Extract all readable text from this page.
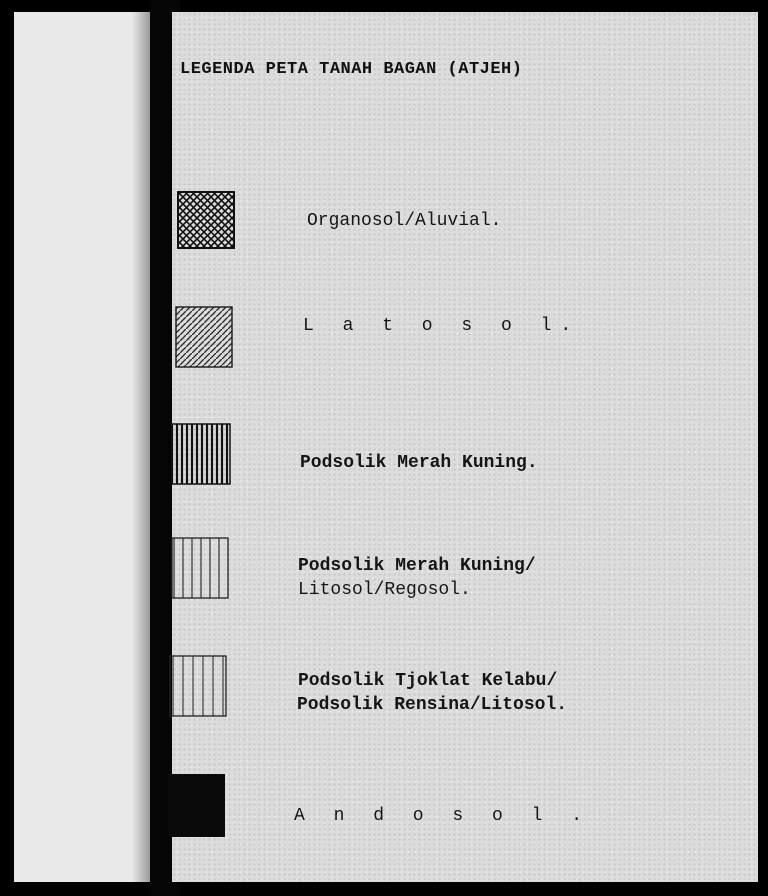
LEGENDA PETA TANAH BAGAN (ATJEH)
Organosol/Aluvial.
L a t o s o l.
Podsolik Merah Kuning.
Podsolik Merah Kuning/
Litosol/Regosol.
Podsolik Tjoklat Kelabu/
Podsolik Rensina/Litosol.
A n d o s o l .
